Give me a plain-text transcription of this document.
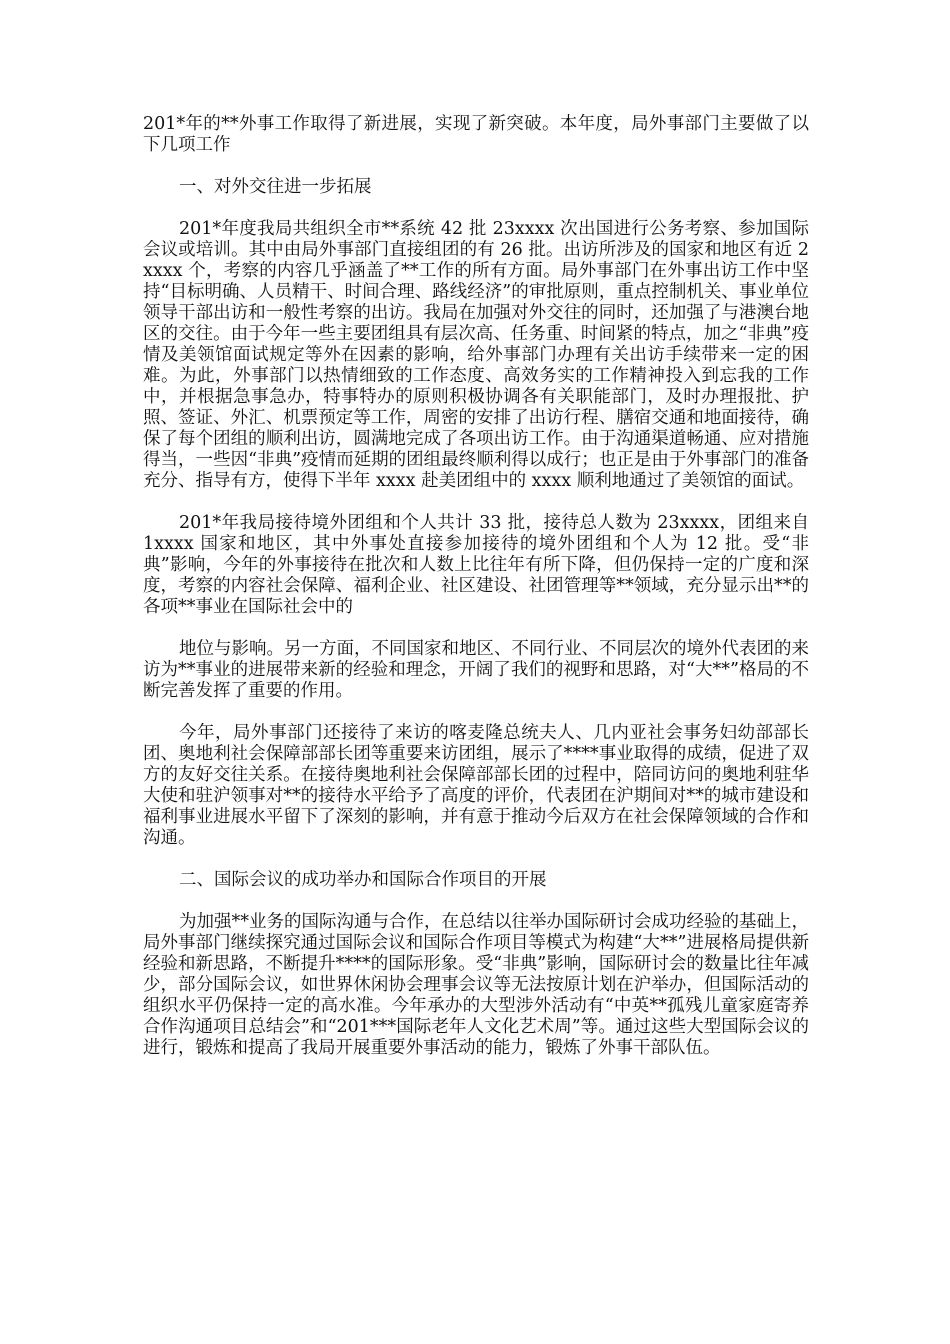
201*年的**外事工作取得了新进展，实现了新突破。本年度，局外事部门主要做了以下几项工作

一、对外交往进一步拓展

201*年度我局共组织全市**系统 42 批 23xxxx 次出国进行公务考察、参加国际会议或培训。其中由局外事部门直接组团的有 26 批。出访所涉及的国家和地区有近 2xxxx 个，考察的内容几乎涵盖了**工作的所有方面。局外事部门在外事出访工作中坚持“目标明确、人员精干、时间合理、路线经济”的审批原则，重点控制机关、事业单位领导干部出访和一般性考察的出访。我局在加强对外交往的同时，还加强了与港澳台地区的交往。由于今年一些主要团组具有层次高、任务重、时间紧的特点，加之“非典”疫情及美领馆面试规定等外在因素的影响，给外事部门办理有关出访手续带来一定的困难。为此，外事部门以热情细致的工作态度、高效务实的工作精神投入到忘我的工作中，并根据急事急办，特事特办的原则积极协调各有关职能部门，及时办理报批、护照、签证、外汇、机票预定等工作，周密的安排了出访行程、膳宿交通和地面接待，确保了每个团组的顺利出访，圆满地完成了各项出访工作。由于沟通渠道畅通、应对措施得当，一些因“非典”疫情而延期的团组最终顺利得以成行；也正是由于外事部门的准备充分、指导有方，使得下半年 xxxx 赴美团组中的 xxxx 顺利地通过了美领馆的面试。

201*年我局接待境外团组和个人共计 33 批，接待总人数为 23xxxx，团组来自 1xxxx 国家和地区，其中外事处直接参加接待的境外团组和个人为 12 批。受“非典”影响，今年的外事接待在批次和人数上比往年有所下降，但仍保持一定的广度和深度，考察的内容社会保障、福利企业、社区建设、社团管理等**领域，充分显示出**的各项**事业在国际社会中的

地位与影响。另一方面，不同国家和地区、不同行业、不同层次的境外代表团的来访为**事业的进展带来新的经验和理念，开阔了我们的视野和思路，对“大**”格局的不断完善发挥了重要的作用。

今年，局外事部门还接待了来访的喀麦隆总统夫人、几内亚社会事务妇幼部部长团、奥地利社会保障部部长团等重要来访团组，展示了****事业取得的成绩，促进了双方的友好交往关系。在接待奥地利社会保障部部长团的过程中，陪同访问的奥地利驻华大使和驻沪领事对**的接待水平给予了高度的评价，代表团在沪期间对**的城市建设和福利事业进展水平留下了深刻的影响，并有意于推动今后双方在社会保障领域的合作和沟通。

二、国际会议的成功举办和国际合作项目的开展

为加强**业务的国际沟通与合作，在总结以往举办国际研讨会成功经验的基础上，局外事部门继续探究通过国际会议和国际合作项目等模式为构建“大**”进展格局提供新经验和新思路，不断提升****的国际形象。受“非典”影响，国际研讨会的数量比往年减少，部分国际会议，如世界休闲协会理事会议等无法按原计划在沪举办，但国际活动的组织水平仍保持一定的高水准。今年承办的大型涉外活动有“中英**孤残儿童家庭寄养合作沟通项目总结会”和“201***国际老年人文化艺术周”等。通过这些大型国际会议的进行，锻炼和提高了我局开展重要外事活动的能力，锻炼了外事干部队伍。
